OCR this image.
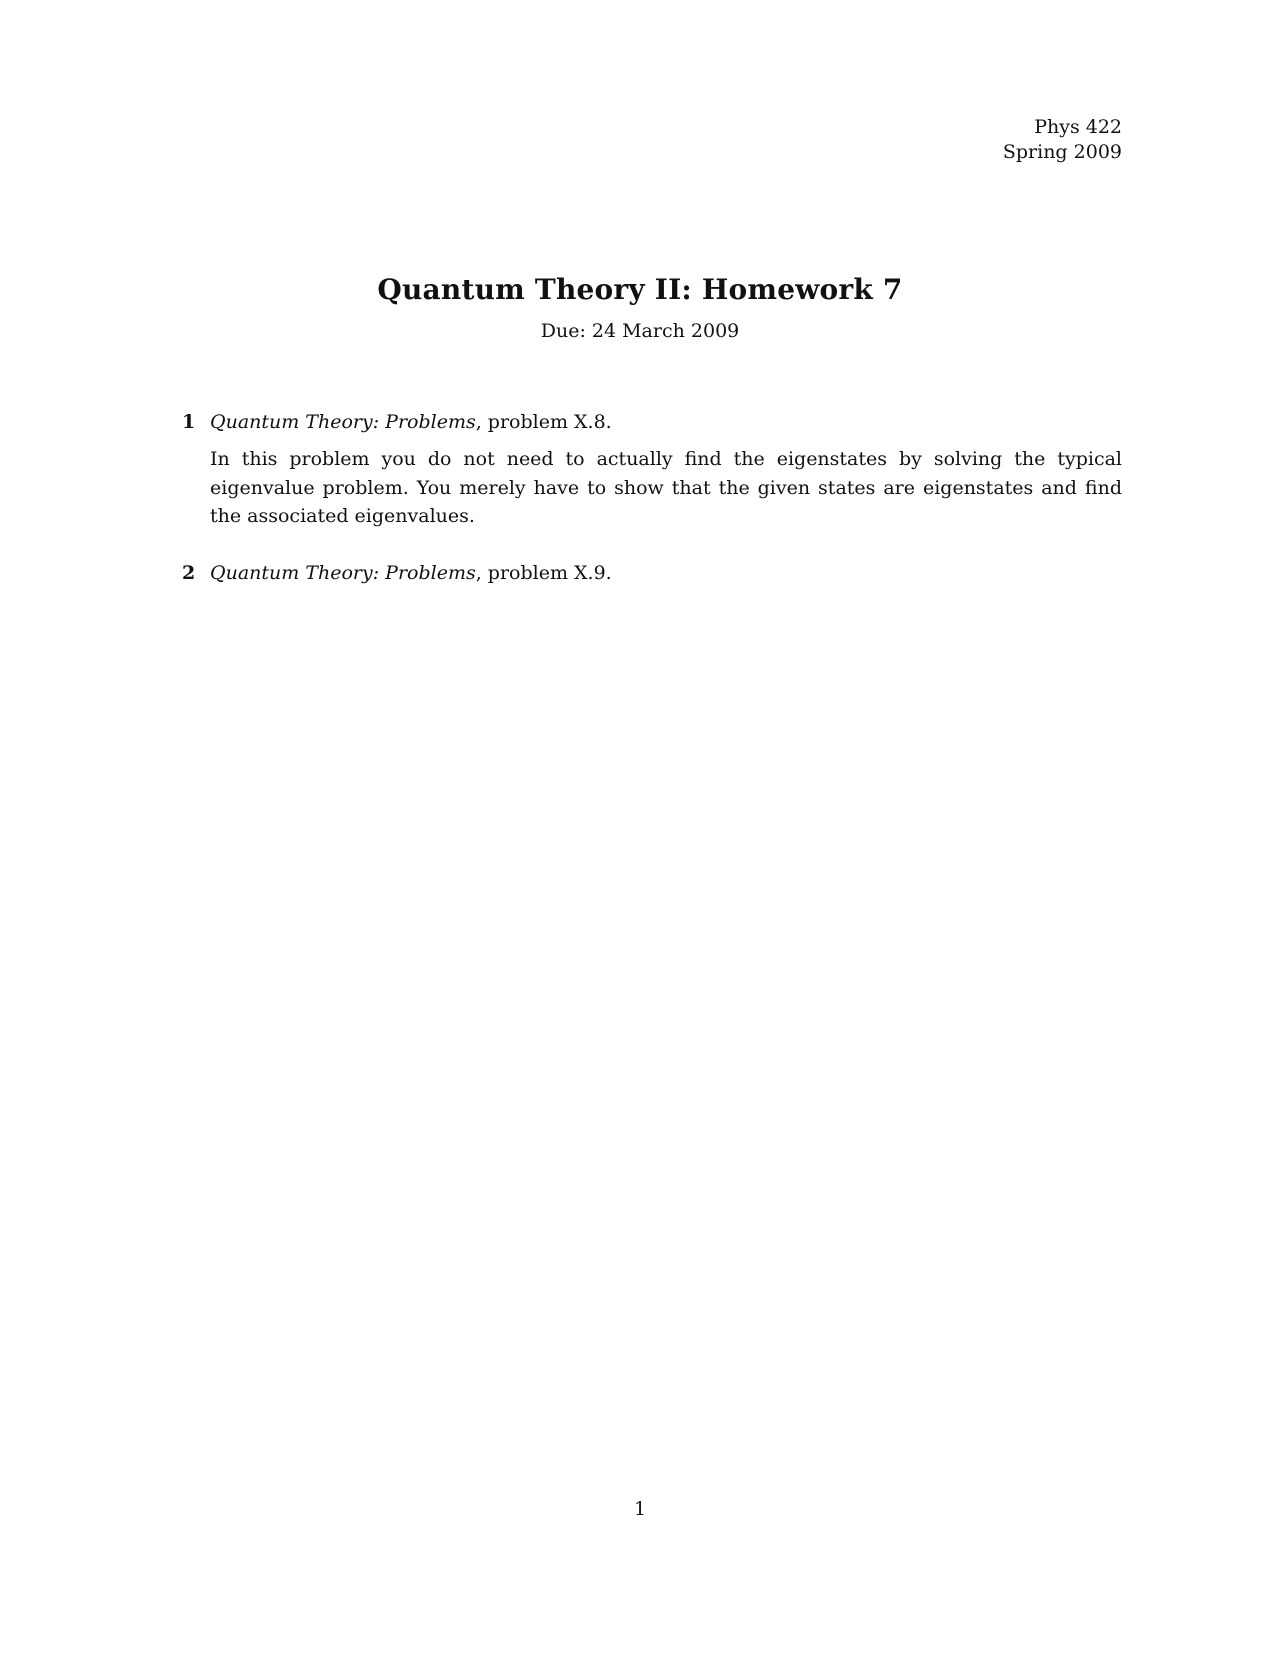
Phys 422
Spring 2009
Quantum Theory II: Homework 7
Due: 24 March 2009
1 Quantum Theory: Problems, problem X.8.
In this problem you do not need to actually find the eigenstates by solving the typical eigenvalue problem. You merely have to show that the given states are eigenstates and find the associated eigenvalues.
2 Quantum Theory: Problems, problem X.9.
1
